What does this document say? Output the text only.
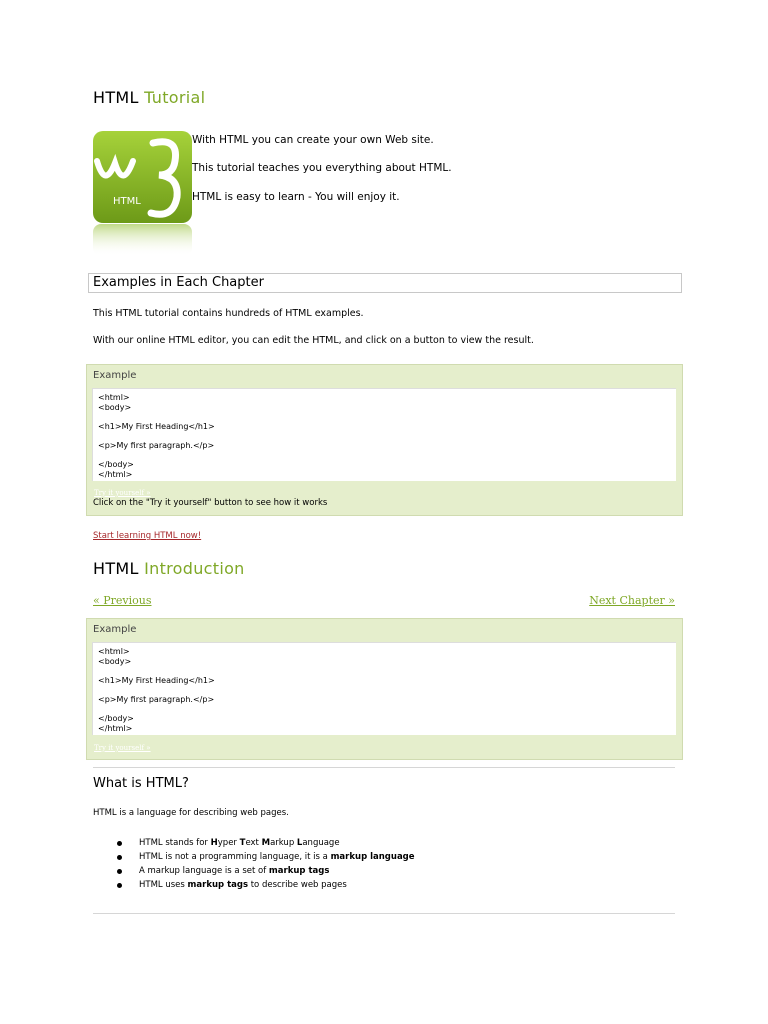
HTML Tutorial
HTML
With HTML you can create your own Web site.
This tutorial teaches you everything about HTML.
HTML is easy to learn - You will enjoy it.
Examples in Each Chapter
This HTML tutorial contains hundreds of HTML examples.
With our online HTML editor, you can edit the HTML, and click on a button to view the result.
Example
<html>
<body>

<h1>My First Heading</h1>

<p>My first paragraph.</p>

</body>
</html>
Try it yourself »
Click on the "Try it yourself" button to see how it works
Start learning HTML now!
HTML Introduction
« Previous	Next Chapter »
Example
<html>
<body>

<h1>My First Heading</h1>

<p>My first paragraph.</p>

</body>
</html>
Try it yourself »
What is HTML?
HTML is a language for describing web pages.
HTML stands for Hyper Text Markup Language
HTML is not a programming language, it is a markup language
A markup language is a set of markup tags
HTML uses markup tags to describe web pages
